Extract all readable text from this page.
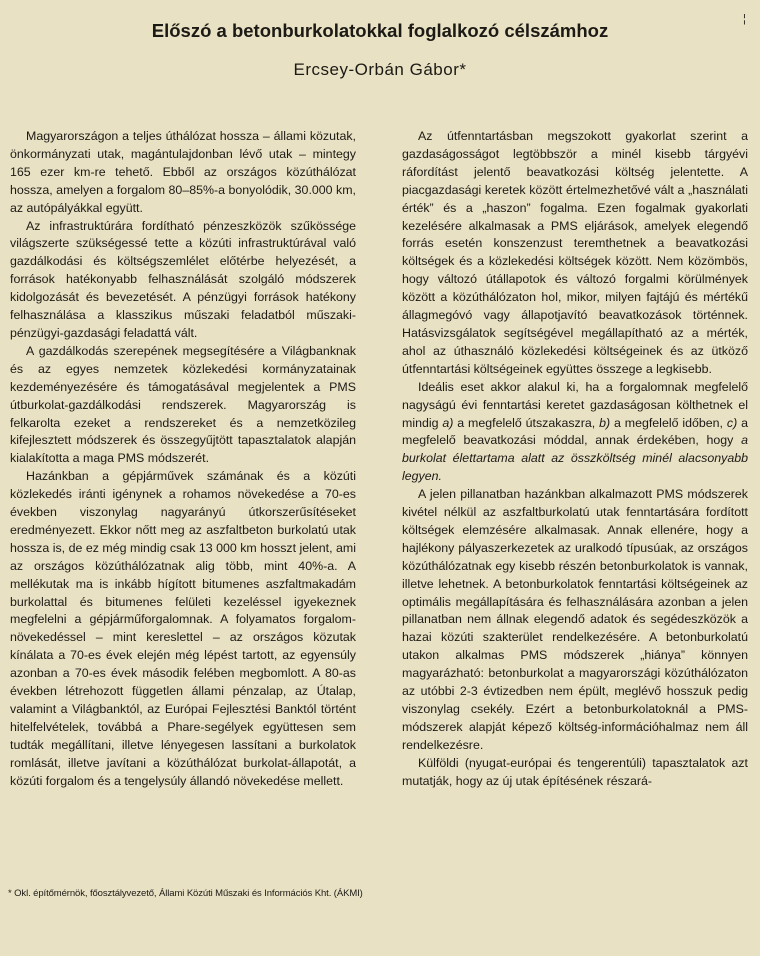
¦
Előszó a betonburkolatokkal foglalkozó célszámhoz
Ercsey-Orbán Gábor*

Magyarországon a teljes úthálózat hossza – állami közutak, önkormányzati utak, magántulajdonban lévő utak – mintegy 165 ezer km-re tehető. Ebből az országos közúthálózat hossza, amelyen a forgalom 80–85%-a bonyolódik, 30.000 km, az autópályákkal együtt.

Az infrastruktúrára fordítható pénzeszközök szűkössége világszerte szükségessé tette a közúti infrastruktúrával való gazdálkodási és költségszemlélet előtérbe helyezését, a források hatékonyabb felhasználását szolgáló módszerek kidolgozását és bevezetését. A pénzügyi források hatékony felhasználása a klasszikus műszaki feladatból műszaki-pénzügyi-gazdasági feladattá vált.

A gazdálkodás szerepének megsegítésére a Világbanknak és az egyes nemzetek közlekedési kormányzatainak kezdeményezésére és támogatásával megjelentek a PMS útburkolat-gazdálkodási rendszerek. Magyarország is felkarolta ezeket a rendszereket és a nemzetközileg kifejlesztett módszerek és összegyűjtött tapasztalatok alapján kialakította a maga PMS módszerét.

Hazánkban a gépjárművek számának és a közúti közlekedés iránti igénynek a rohamos növekedése a 70-es években viszonylag nagyarányú útkorszerűsítéseket eredményezett. Ekkor nőtt meg az aszfaltbeton burkolatú utak hossza is, de ez még mindig csak 13 000 km hosszt jelent, ami az országos közúthálózatnak alig több, mint 40%-a. A mellékutak ma is inkább hígított bitumenes aszfaltmakadám burkolattal és bitumenes felületi kezeléssel igyekeznek megfelelni a gépjárműforgalomnak. A folyamatos forgalom-növekedéssel – mint kereslettel – az országos közutak kínálata a 70-es évek elején még lépést tartott, az egyensúly azonban a 70-es évek második felében megbomlott. A 80-as években létrehozott független állami pénzalap, az Útalap, valamint a Világbanktól, az Európai Fejlesztési Banktól történt hitelfelvételek, továbbá a Phare-segélyek együttesen sem tudták megállítani, illetve lényegesen lassítani a burkolatok romlását, illetve javítani a közúthálózat burkolat-állapotát, a közúti forgalom és a tengelysúly állandó növekedése mellett.

Az útfenntartásban megszokott gyakorlat szerint a gazdaságosságot legtöbbször a minél kisebb tárgyévi ráfordítást jelentő beavatkozási költség jelentette. A piacgazdasági keretek között értelmezhetővé vált a „használati érték” és a „haszon” fogalma. Ezen fogalmak gyakorlati kezelésére alkalmasak a PMS eljárások, amelyek elegendő forrás esetén konszenzust teremthetnek a beavatkozási költségek és a közlekedési költségek között. Nem közömbös, hogy változó útállapotok és változó forgalmi körülmények között a közúthálózaton hol, mikor, milyen fajtájú és mértékű állagmegóvó vagy állapotjavító beavatkozások történnek. Hatásvizsgálatok segítségével megállapítható az a mérték, ahol az úthasználó közlekedési költségeinek és az ütköző útfenntartási költségeinek együttes összege a legkisebb.

Ideális eset akkor alakul ki, ha a forgalomnak megfelelő nagyságú évi fenntartási keretet gazdaságosan költhetnek el mindig a) a megfelelő útszakaszra, b) a megfelelő időben, c) a megfelelő beavatkozási móddal, annak érdekében, hogy a burkolat élettartama alatt az összköltség minél alacsonyabb legyen.

A jelen pillanatban hazánkban alkalmazott PMS módszerek kivétel nélkül az aszfaltburkolatú utak fenntartására fordított költségek elemzésére alkalmasak. Annak ellenére, hogy a hajlékony pályaszerkezetek az uralkodó típusúak, az országos közúthálózatnak egy kisebb részén betonburkolatok is vannak, illetve lehetnek. A betonburkolatok fenntartási költségeinek az optimális megállapítására és felhasználására azonban a jelen pillanatban nem állnak elegendő adatok és segédeszközök a hazai közúti szakterület rendelkezésére. A betonburkolatú utakon alkalmas PMS módszerek „hiánya” könnyen magyarázható: betonburkolat a magyarországi közúthálózaton az utóbbi 2-3 évtizedben nem épült, meglévő hosszuk pedig viszonylag csekély. Ezért a betonburkolatoknál a PMS-módszerek alapját képező költség-információhalmaz nem áll rendelkezésre.

Külföldi (nyugat-európai és tengerentúli) tapasztalatok azt mutatják, hogy az új utak építésének részará-

* Okl. építőmérnök, főosztályvezető, Állami Közúti Műszaki és Információs Kht. (ÁKMI)
